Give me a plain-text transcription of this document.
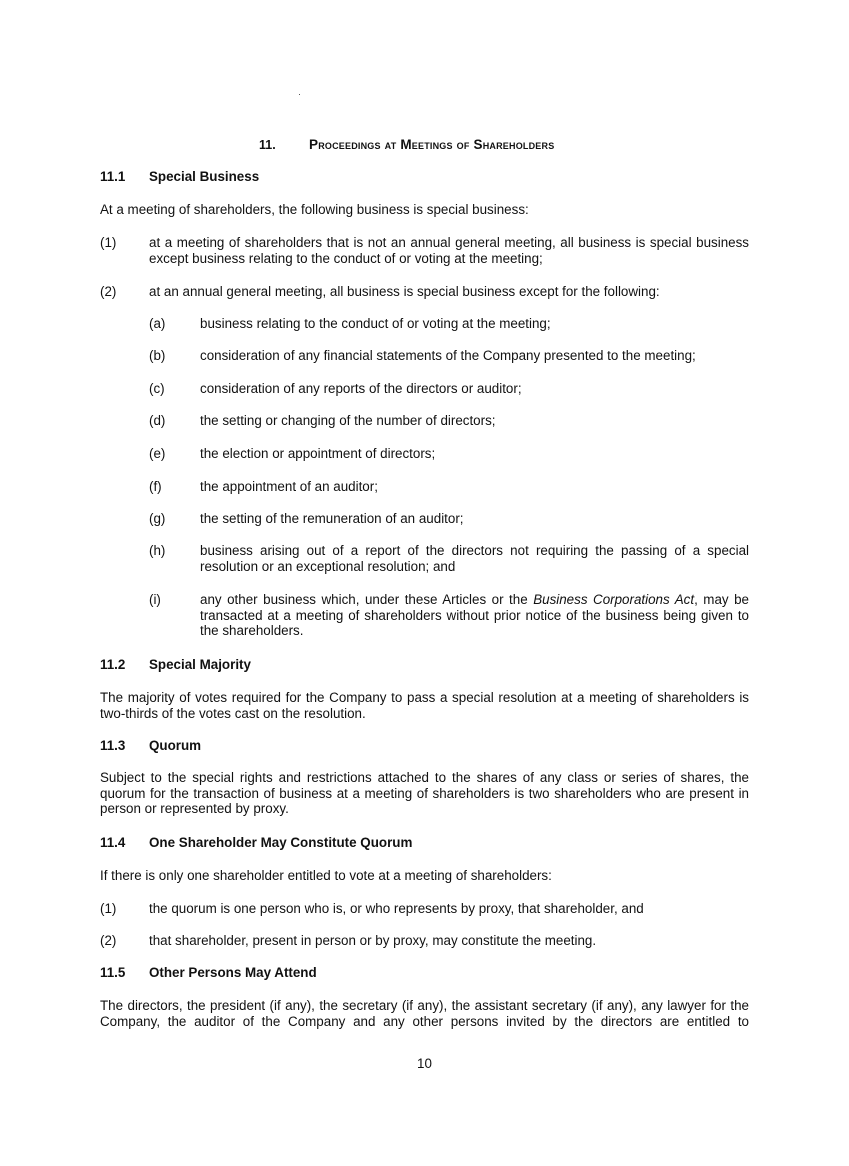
11. Proceedings at Meetings of Shareholders
11.1 Special Business
At a meeting of shareholders, the following business is special business:
(1) at a meeting of shareholders that is not an annual general meeting, all business is special business except business relating to the conduct of or voting at the meeting;
(2) at an annual general meeting, all business is special business except for the following:
(a)	business relating to the conduct of or voting at the meeting;
(b)	consideration of any financial statements of the Company presented to the meeting;
(c)	consideration of any reports of the directors or auditor;
(d)	the setting or changing of the number of directors;
(e)	the election or appointment of directors;
(f)	the appointment of an auditor;
(g)	the setting of the remuneration of an auditor;
(h)	business arising out of a report of the directors not requiring the passing of a special resolution or an exceptional resolution; and
(i)	any other business which, under these Articles or the Business Corporations Act, may be transacted at a meeting of shareholders without prior notice of the business being given to the shareholders.
11.2 Special Majority
The majority of votes required for the Company to pass a special resolution at a meeting of shareholders is two-thirds of the votes cast on the resolution.
11.3 Quorum
Subject to the special rights and restrictions attached to the shares of any class or series of shares, the quorum for the transaction of business at a meeting of shareholders is two shareholders who are present in person or represented by proxy.
11.4 One Shareholder May Constitute Quorum
If there is only one shareholder entitled to vote at a meeting of shareholders:
(1) the quorum is one person who is, or who represents by proxy, that shareholder, and
(2) that shareholder, present in person or by proxy, may constitute the meeting.
11.5 Other Persons May Attend
The directors, the president (if any), the secretary (if any), the assistant secretary (if any), any lawyer for the Company, the auditor of the Company and any other persons invited by the directors are entitled to
10
